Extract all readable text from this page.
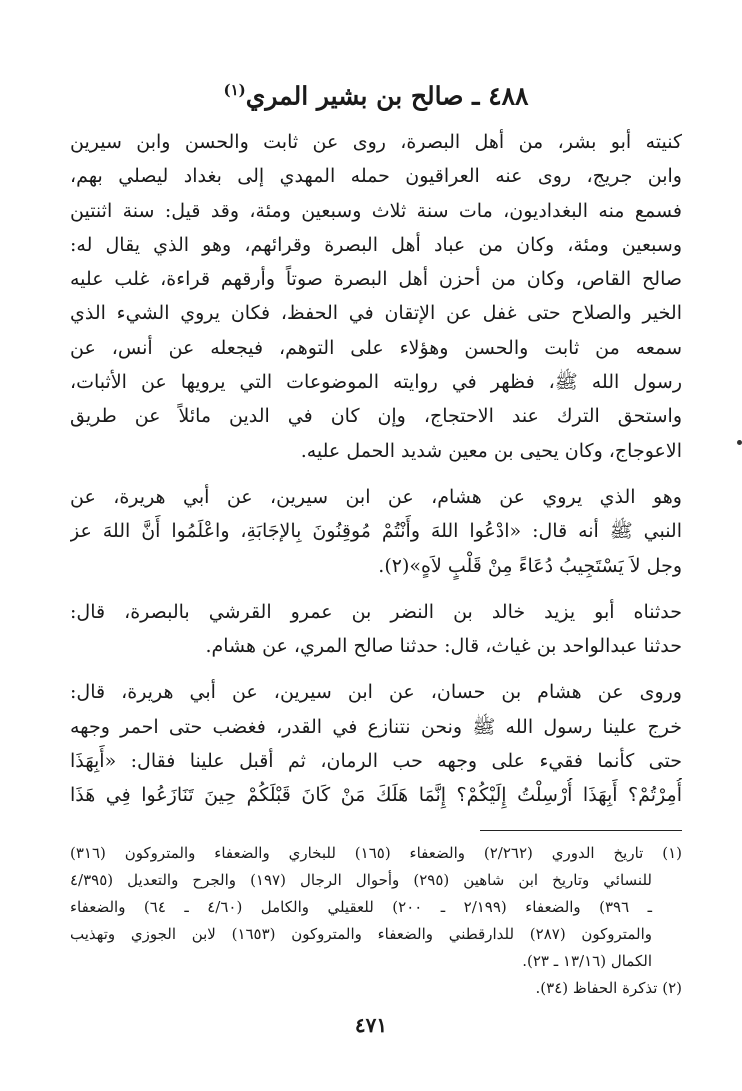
٤٨٨ ـ صالح بن بشير المري$^{(١)}$
كنيته أبو بشر، من أهل البصرة، روى عن ثابت والحسن وابن سيرين
وابن جريج، روى عنه العراقيون حمله المهدي إلى بغداد ليصلي بهم،
فسمع منه البغداديون، مات سنة ثلاث وسبعين ومئة، وقد قيل: سنة اثنتين
وسبعين ومئة، وكان من عباد أهل البصرة وقرائهم، وهو الذي يقال له:
صالح القاص، وكان من أحزن أهل البصرة صوتاً وأرقهم قراءة، غلب عليه
الخير والصلاح حتى غفل عن الإتقان في الحفظ، فكان يروي الشيء الذي
سمعه من ثابت والحسن وهؤلاء على التوهم، فيجعله عن أنس، عن
رسول الله ﷺ، فظهر في روايته الموضوعات التي يرويها عن الأثبات،
واستحق الترك عند الاحتجاج، وإن كان في الدين مائلاً عن طريق
الاعوجاج، وكان يحيى بن معين شديد الحمل عليه.
وهو الذي يروي عن هشام، عن ابن سيرين، عن أبي هريرة، عن
النبي ﷺ أنه قال: «ادْعُوا اللهَ وأَنْتُمْ مُوقِنُونَ بِالإجَابَةِ، واعْلَمُوا أَنَّ اللهَ عز
وجل لاَ يَسْتَجِيبُ دُعَاءً مِنْ قَلْبٍ لاَهٍ»(٢).
حدثناه أبو يزيد خالد بن النضر بن عمرو القرشي بالبصرة، قال:
حدثنا عبدالواحد بن غياث، قال: حدثنا صالح المري، عن هشام.
وروى عن هشام بن حسان، عن ابن سيرين، عن أبي هريرة، قال:
خرج علينا رسول الله ﷺ ونحن نتنازع في القدر، فغضب حتى احمر وجهه
حتى كأنما فقيء على وجهه حب الرمان، ثم أقبل علينا فقال: «أَبِهَذَا
أُمِرْتُمْ؟ أَبِهَذَا أُرْسِلْتُ إِلَيْكُمْ؟ إِنَّمَا هَلَكَ مَنْ كَانَ قَبْلَكُمْ حِينَ تَنَازَعُوا فِي هَذَا
(١) تاريخ الدوري (٢/٢٦٢) والضعفاء (١٦٥) للبخاري والضعفاء والمتروكون (٣١٦)
للنسائي وتاريخ ابن شاهين (٢٩٥) وأحوال الرجال (١٩٧) والجرح والتعديل (٤/٣٩٥
ـ ٣٩٦) والضعفاء (٢/١٩٩ ـ ٢٠٠) للعقيلي والكامل (٤/٦٠ ـ ٦٤) والضعفاء
والمتروكون (٢٨٧) للدارقطني والضعفاء والمتروكون (١٦٥٣) لابن الجوزي وتهذيب
الكمال (١٣/١٦ ـ ٢٣).
(٢) تذكرة الحفاظ (٣٤).
٤٧١
